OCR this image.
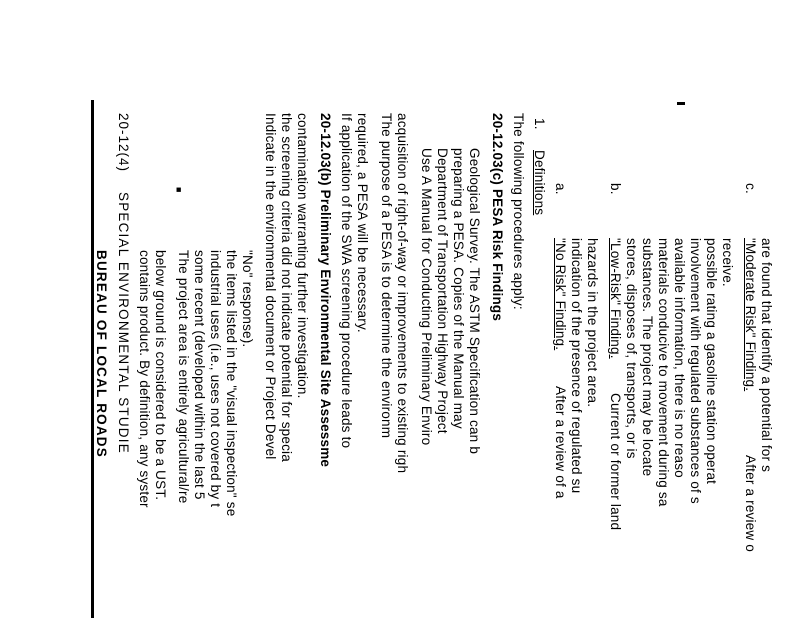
BUREAU OF LOCAL ROADS SPECIAL ENVIRONMENTAL STUDIE
20-12(4)
contains product. By definition, any syster below ground is considered to be a UST.
■
The project area is entirely agricultural/re some recent (developed within the last 5 industrial uses (i.e., uses not covered by t the items listed in the "visual inspection" se "No" response). Indicate in the environmental document or Project Devel the screening criteria did not indicate potential for specia contamination warranting further investigation. 20-12.03(b) Preliminary Environmental Site Assessme If application of the SWA screening procedure leads to required, a PESA will be necessary. The purpose of a PESA is to determine the environm acquisition of right-of-way or improvements to existing righ Use A Manual for Conducting Preliminary Enviro Department of Transportation Highway Project preparing a PESA. Copies of the Manual may Geological Survey. The ASTM Specification can b 20-12.03(c) PESA Risk Findings The following procedures apply: 1.
Definitions a.
"No Risk" Finding.
After a review of a indication of the presence of regulated su hazards in the project area.
b.
"Low-Risk" Finding.
Current or former land
stores, disposes of, transports, or is substances. The project may be locate materials conducive to movement during sa available information, there is no reaso involvement with regulated substances of s possible rating a gasoline station operat receive.
c.
"Moderate Risk" Finding.
After a review o
are found that identify a potential for s
